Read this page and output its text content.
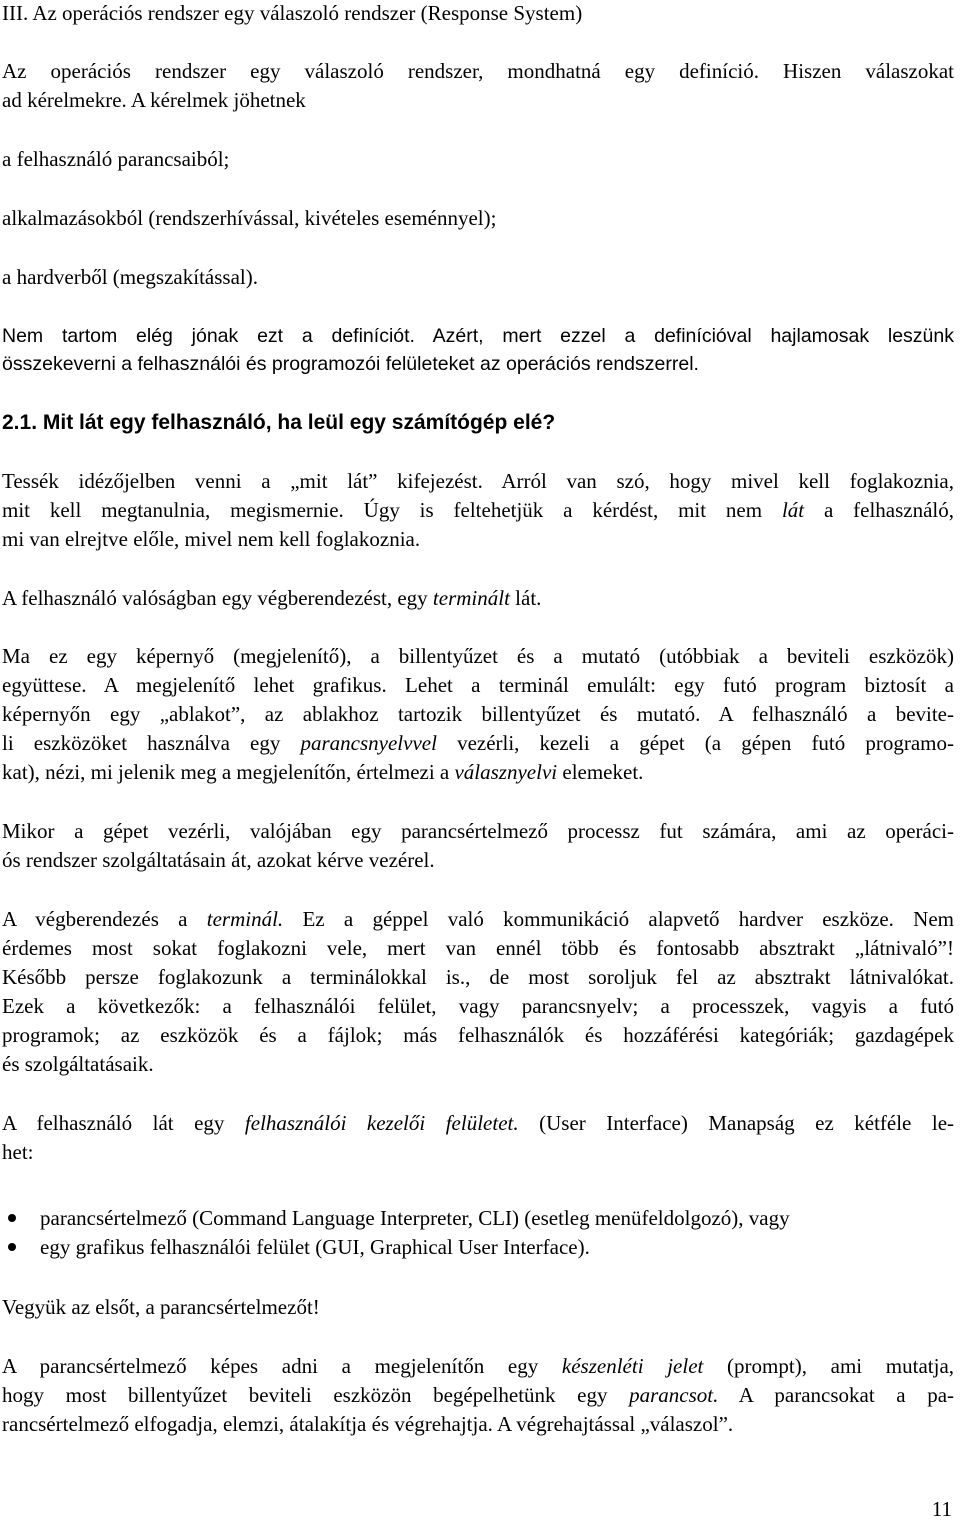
III. Az operációs rendszer egy válaszoló rendszer (Response System)
Az operációs rendszer egy válaszoló rendszer, mondhatná egy definíció. Hiszen válaszokat
ad kérelmekre. A kérelmek jöhetnek
a felhasználó parancsaiból;
alkalmazásokból (rendszerhívással, kivételes eseménnyel);
a hardverből (megszakítással).
Nem tartom elég jónak ezt a definíciót. Azért, mert ezzel a definícióval hajlamosak leszünk
összekeverni a felhasználói és programozói felületeket az operációs rendszerrel.
2.1. Mit lát egy felhasználó, ha leül egy számítógép elé?
Tessék idézőjelben venni a „mit lát” kifejezést. Arról van szó, hogy mivel kell foglakoznia,
mit kell megtanulnia, megismernie. Úgy is feltehetjük a kérdést, mit nem lát a felhasználó,
mi van elrejtve előle, mivel nem kell foglakoznia.
A felhasználó valóságban egy végberendezést, egy terminált lát.
Ma ez egy képernyő (megjelenítő), a billentyűzet és a mutató (utóbbiak a beviteli eszközök)
együttese. A megjelenítő lehet grafikus. Lehet a terminál emulált: egy futó program biztosít a
képernyőn egy „ablakot”, az ablakhoz tartozik billentyűzet és mutató. A felhasználó a bevite-
li eszközöket használva egy parancsnyelvvel vezérli, kezeli a gépet (a gépen futó programo-
kat), nézi, mi jelenik meg a megjelenítőn, értelmezi a válasznyelvi elemeket.
Mikor a gépet vezérli, valójában egy parancsértelmező processz fut számára, ami az operáci-
ós rendszer szolgáltatásain át, azokat kérve vezérel.
A végberendezés a terminál. Ez a géppel való kommunikáció alapvető hardver eszköze. Nem
érdemes most sokat foglakozni vele, mert van ennél több és fontosabb absztrakt „látnivaló”!
Később persze foglakozunk a terminálokkal is., de most soroljuk fel az absztrakt látnivalókat.
Ezek a következők: a felhasználói felület, vagy parancsnyelv; a processzek, vagyis a futó
programok; az eszközök és a fájlok; más felhasználók és hozzáférési kategóriák; gazdagépek
és szolgáltatásaik.
A felhasználó lát egy felhasználói kezelői felületet. (User Interface) Manapság ez kétféle le-
het:
parancsértelmező (Command Language Interpreter, CLI) (esetleg menüfeldolgozó), vagy
egy grafikus felhasználói felület (GUI, Graphical User Interface).
Vegyük az elsőt, a parancsértelmezőt!
A parancsértelmező képes adni a megjelenítőn egy készenléti jelet (prompt), ami mutatja,
hogy most billentyűzet beviteli eszközön begépelhetünk egy parancsot. A parancsokat a pa-
rancsértelmező elfogadja, elemzi, átalakítja és végrehajtja. A végrehajtással „válaszol”.
11
